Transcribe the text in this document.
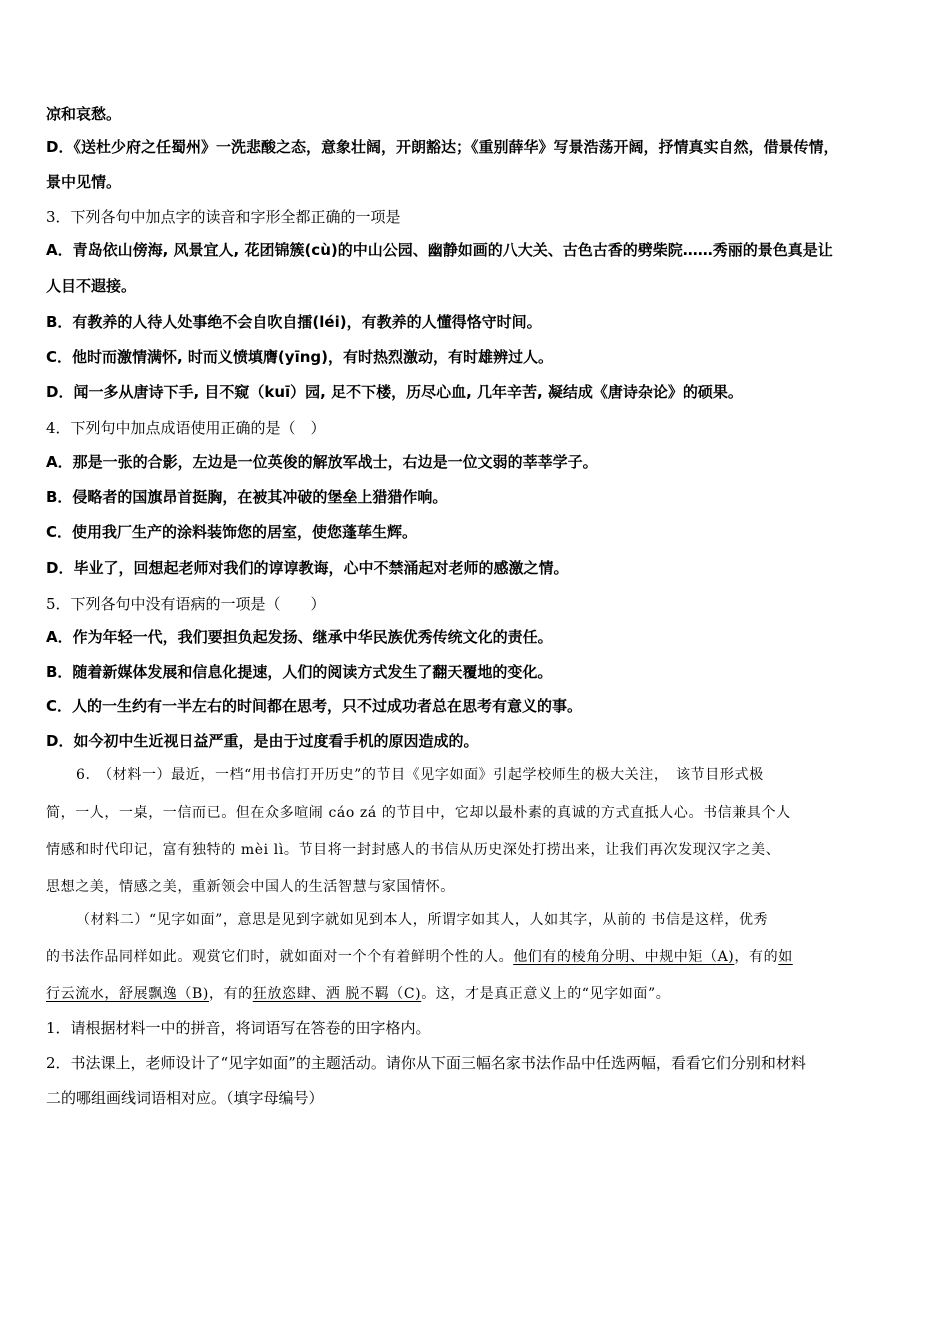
凉和哀愁。
D．《送杜少府之任蜀州》一洗悲酸之态，意象壮阔，开朗豁达；《重别薛华》写景浩荡开阔，抒情真实自然，借景传情，
景中见情。
3．下列各句中加点字的读音和字形全都正确的一项是
A．青岛依山傍海, 风景宜人, 花团锦簇(cù)的中山公园、幽静如画的八大关、古色古香的劈柴院……秀丽的景色真是让
人目不遐接。
B．有教养的人待人处事绝不会自吹自擂(léi)，有教养的人懂得恪守时间。
C．他时而激情满怀, 时而义愤填膺(yīng)，有时热烈激动，有时雄辨过人。
D．闻一多从唐诗下手, 目不窥（kuī）园, 足不下楼，历尽心血, 几年辛苦, 凝结成《唐诗杂论》的硕果。
4．下列句中加点成语使用正确的是（　）
A．那是一张的合影，左边是一位英俊的解放军战士，右边是一位文弱的莘莘学子。
B．侵略者的国旗昂首挺胸，在被其冲破的堡垒上猎猎作响。
C．使用我厂生产的涂料装饰您的居室，使您蓬荜生辉。
D．毕业了，回想起老师对我们的谆谆教诲，心中不禁涌起对老师的感激之情。
5．下列各句中没有语病的一项是（　　）
A．作为年轻一代，我们要担负起发扬、继承中华民族优秀传统文化的责任。
B．随着新媒体发展和信息化提速，人们的阅读方式发生了翻天覆地的变化。
C．人的一生约有一半左右的时间都在思考，只不过成功者总在思考有意义的事。
D．如今初中生近视日益严重，是由于过度看手机的原因造成的。
6.　（材料一）最近，一档“用书信打开历史”的节目《见字如面》引起学校师生的极大关注，　该节目形式极
简，一人，一桌，一信而已。但在众多喧闹 cáo zá 的节目中，它却以最朴素的真诚的方式直抵人心。书信兼具个人
情感和时代印记，富有独特的 mèi lì。节目将一封封感人的书信从历史深处打捞出来，让我们再次发现汉字之美、
思想之美，情感之美，重新领会中国人的生活智慧与家国情怀。
（材料二）“见字如面”，意思是见到字就如见到本人，所谓字如其人，人如其字，从前的 书信是这样，优秀
的书法作品同样如此。观赏它们时，就如面对一个个有着鲜明个性的人。他们有的棱角分明、中规中矩（A)，有的如
行云流水，舒展飘逸（B)，有的狂放恣肆、洒 脱不羁（C)。这，才是真正意义上的“见字如面”。
1．请根据材料一中的拼音，将词语写在答卷的田字格内。
2．书法课上，老师设计了“见字如面”的主题活动。请你从下面三幅名家书法作品中任选两幅，看看它们分别和材料
二的哪组画线词语相对应。（填字母编号）
